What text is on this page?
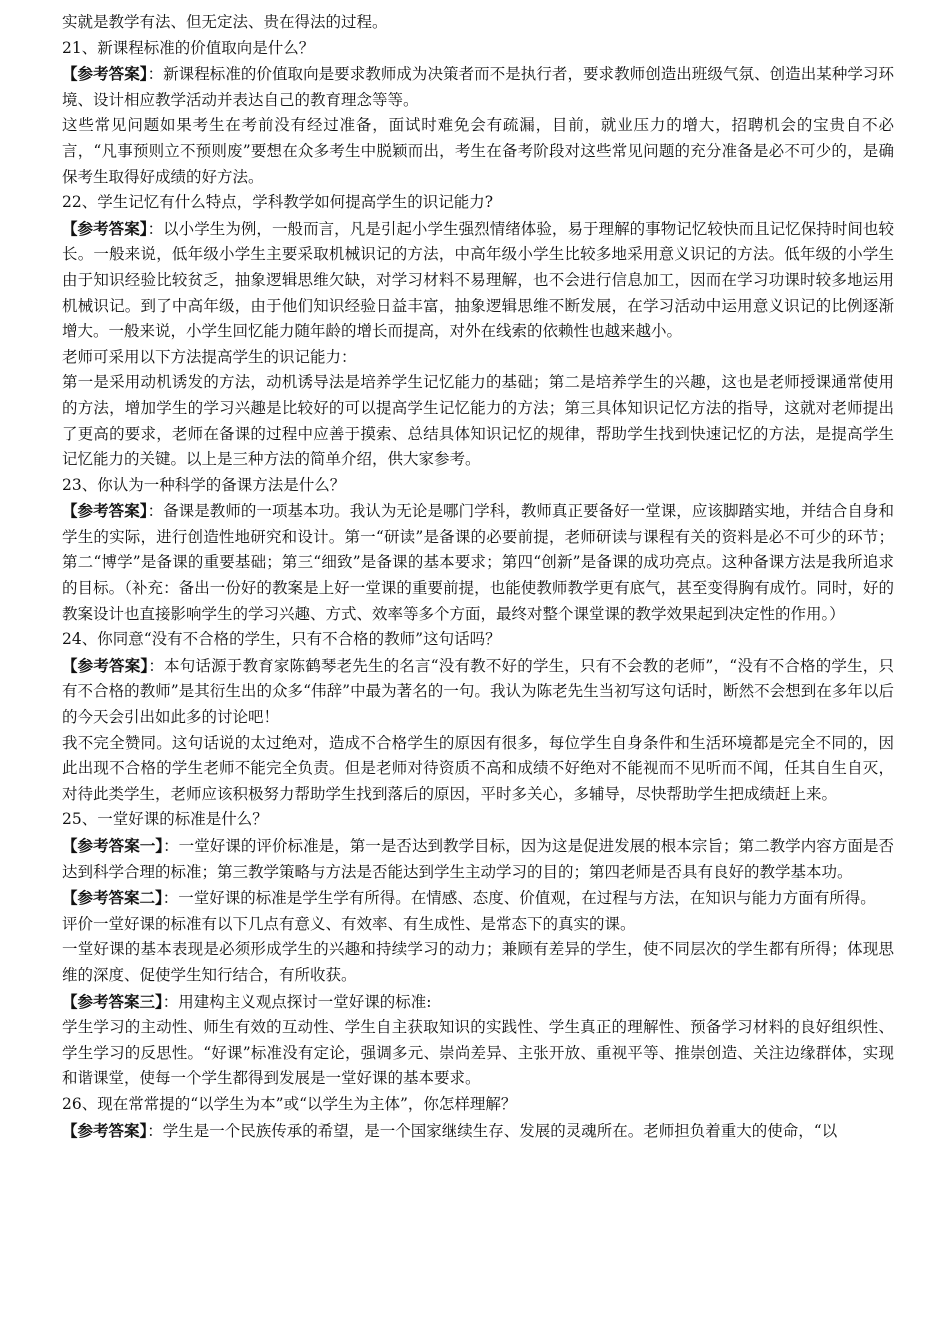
实就是教学有法、但无定法、贵在得法的过程。

21、新课程标准的价值取向是什么？

【参考答案】：新课程标准的价值取向是要求教师成为决策者而不是执行者，要求教师创造出班级气氛、创造出某种学习环境、设计相应教学活动并表达自己的教育理念等等。

这些常见问题如果考生在考前没有经过准备，面试时难免会有疏漏，目前，就业压力的增大，招聘机会的宝贵自不必言，“凡事预则立不预则废”要想在众多考生中脱颖而出，考生在备考阶段对这些常见问题的充分准备是必不可少的，是确保考生取得好成绩的好方法。

22、学生记忆有什么特点，学科教学如何提高学生的识记能力?

【参考答案】：以小学生为例，一般而言，凡是引起小学生强烈情绪体验，易于理解的事物记忆较快而且记忆保持时间也较长。一般来说，低年级小学生主要采取机械识记的方法，中高年级小学生比较多地采用意义识记的方法。低年级的小学生由于知识经验比较贫乏，抽象逻辑思维欠缺，对学习材料不易理解，也不会进行信息加工，因而在学习功课时较多地运用机械识记。到了中高年级，由于他们知识经验日益丰富，抽象逻辑思维不断发展，在学习活动中运用意义识记的比例逐渐增大。一般来说，小学生回忆能力随年龄的增长而提高，对外在线索的依赖性也越来越小。

老师可采用以下方法提高学生的识记能力：

第一是采用动机诱发的方法，动机诱导法是培养学生记忆能力的基础；第二是培养学生的兴趣，这也是老师授课通常使用的方法，增加学生的学习兴趣是比较好的可以提高学生记忆能力的方法；第三具体知识记忆方法的指导，这就对老师提出了更高的要求，老师在备课的过程中应善于摸索、总结具体知识记忆的规律，帮助学生找到快速记忆的方法，是提高学生记忆能力的关键。以上是三种方法的简单介绍，供大家参考。

23、你认为一种科学的备课方法是什么？

【参考答案】：备课是教师的一项基本功。我认为无论是哪门学科，教师真正要备好一堂课，应该脚踏实地，并结合自身和学生的实际，进行创造性地研究和设计。第一“研读”是备课的必要前提，老师研读与课程有关的资料是必不可少的环节；第二“博学”是备课的重要基础；第三“细致”是备课的基本要求；第四“创新”是备课的成功亮点。这种备课方法是我所追求的目标。（补充：备出一份好的教案是上好一堂课的重要前提，也能使教师教学更有底气，甚至变得胸有成竹。同时，好的教案设计也直接影响学生的学习兴趣、方式、效率等多个方面，最终对整个课堂课的教学效果起到决定性的作用。）

24、你同意“没有不合格的学生，只有不合格的教师”这句话吗？

【参考答案】：本句话源于教育家陈鹤琴老先生的名言“没有教不好的学生，只有不会教的老师”，“没有不合格的学生，只有不合格的教师”是其衍生出的众多“伟辞”中最为著名的一句。我认为陈老先生当初写这句话时，断然不会想到在多年以后的今天会引出如此多的讨论吧！

我不完全赞同。这句话说的太过绝对，造成不合格学生的原因有很多，每位学生自身条件和生活环境都是完全不同的，因此出现不合格的学生老师不能完全负责。但是老师对待资质不高和成绩不好绝对不能视而不见听而不闻，任其自生自灭，对待此类学生，老师应该积极努力帮助学生找到落后的原因，平时多关心，多辅导，尽快帮助学生把成绩赶上来。

25、一堂好课的标准是什么？

【参考答案一】：一堂好课的评价标准是，第一是否达到教学目标，因为这是促进发展的根本宗旨；第二教学内容方面是否达到科学合理的标准；第三教学策略与方法是否能达到学生主动学习的目的；第四老师是否具有良好的教学基本功。

【参考答案二】：一堂好课的标准是学生学有所得。在情感、态度、价值观，在过程与方法，在知识与能力方面有所得。

评价一堂好课的标准有以下几点有意义、有效率、有生成性、是常态下的真实的课。

一堂好课的基本表现是必须形成学生的兴趣和持续学习的动力；兼顾有差异的学生，使不同层次的学生都有所得；体现思维的深度、促使学生知行结合，有所收获。

【参考答案三】：用建构主义观点探讨一堂好课的标准:

学生学习的主动性、师生有效的互动性、学生自主获取知识的实践性、学生真正的理解性、预备学习材料的良好组织性、学生学习的反思性。“好课”标准没有定论，强调多元、崇尚差异、主张开放、重视平等、推崇创造、关注边缘群体，实现和谐课堂，使每一个学生都得到发展是一堂好课的基本要求。

26、现在常常提的“以学生为本”或“以学生为主体”，你怎样理解？

【参考答案】：学生是一个民族传承的希望，是一个国家继续生存、发展的灵魂所在。老师担负着重大的使命，“以
